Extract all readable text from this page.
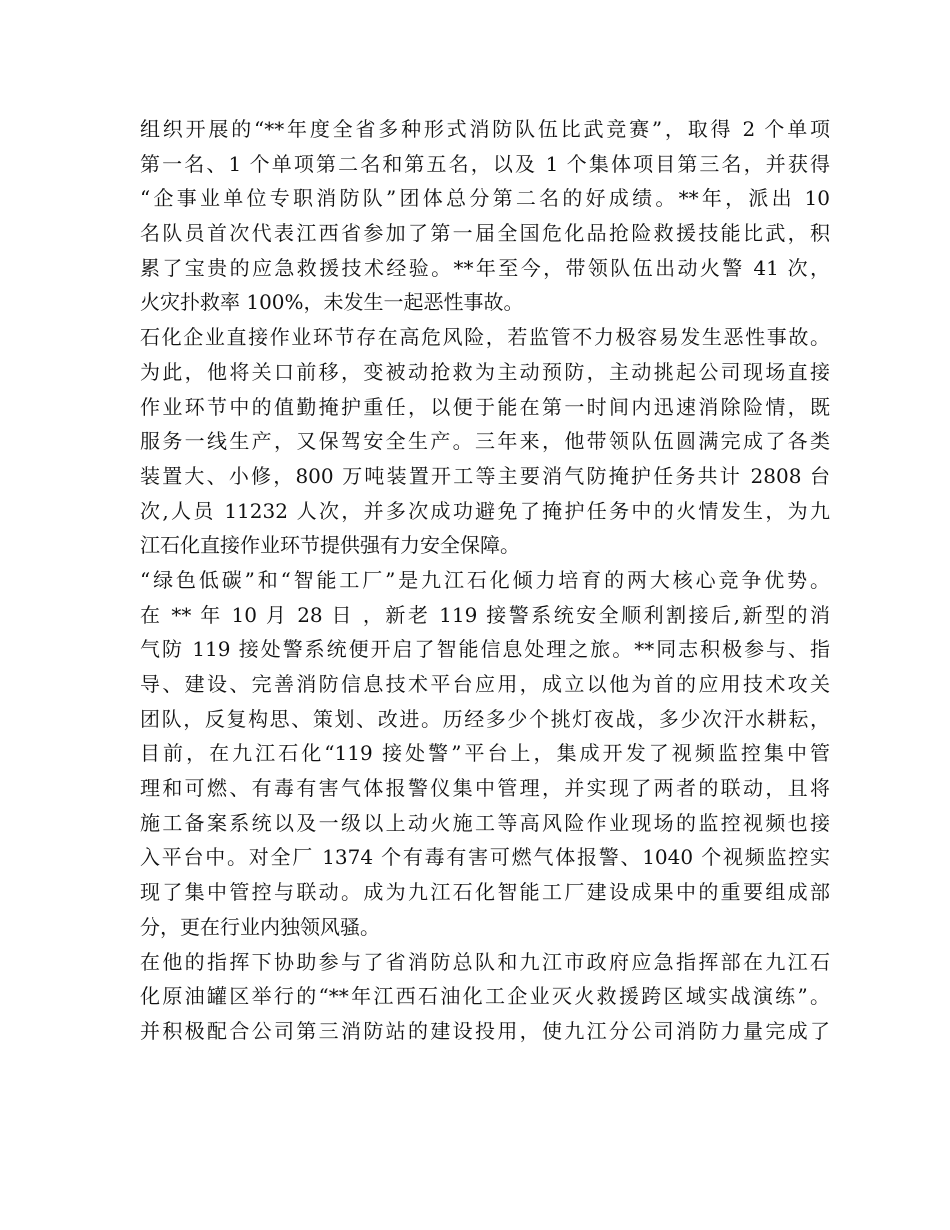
组织开展的“**年度全省多种形式消防队伍比武竞赛”，取得 2 个单项
第一名、1 个单项第二名和第五名，以及 1 个集体项目第三名，并获得
“企事业单位专职消防队”团体总分第二名的好成绩。**年，派出 10
名队员首次代表江西省参加了第一届全国危化品抢险救援技能比武，积
累了宝贵的应急救援技术经验。**年至今，带领队伍出动火警 41 次，
火灾扑救率 100%，未发生一起恶性事故。
石化企业直接作业环节存在高危风险，若监管不力极容易发生恶性事故。
为此，他将关口前移，变被动抢救为主动预防，主动挑起公司现场直接
作业环节中的值勤掩护重任，以便于能在第一时间内迅速消除险情，既
服务一线生产，又保驾安全生产。三年来，他带领队伍圆满完成了各类
装置大、小修，800 万吨装置开工等主要消气防掩护任务共计 2808 台
次,人员 11232 人次，并多次成功避免了掩护任务中的火情发生，为九
江石化直接作业环节提供强有力安全保障。
“绿色低碳”和“智能工厂”是九江石化倾力培育的两大核心竞争优势。
在 ** 年 10 月 28 日 ，新老 119 接警系统安全顺利割接后,新型的消
气防 119 接处警系统便开启了智能信息处理之旅。**同志积极参与、指
导、建设、完善消防信息技术平台应用，成立以他为首的应用技术攻关
团队，反复构思、策划、改进。历经多少个挑灯夜战，多少次汗水耕耘，
目前，在九江石化“119 接处警”平台上，集成开发了视频监控集中管
理和可燃、有毒有害气体报警仪集中管理，并实现了两者的联动，且将
施工备案系统以及一级以上动火施工等高风险作业现场的监控视频也接
入平台中。对全厂 1374 个有毒有害可燃气体报警、1040 个视频监控实
现了集中管控与联动。成为九江石化智能工厂建设成果中的重要组成部
分，更在行业内独领风骚。
在他的指挥下协助参与了省消防总队和九江市政府应急指挥部在九江石
化原油罐区举行的“**年江西石油化工企业灭火救援跨区域实战演练”。
并积极配合公司第三消防站的建设投用，使九江分公司消防力量完成了
